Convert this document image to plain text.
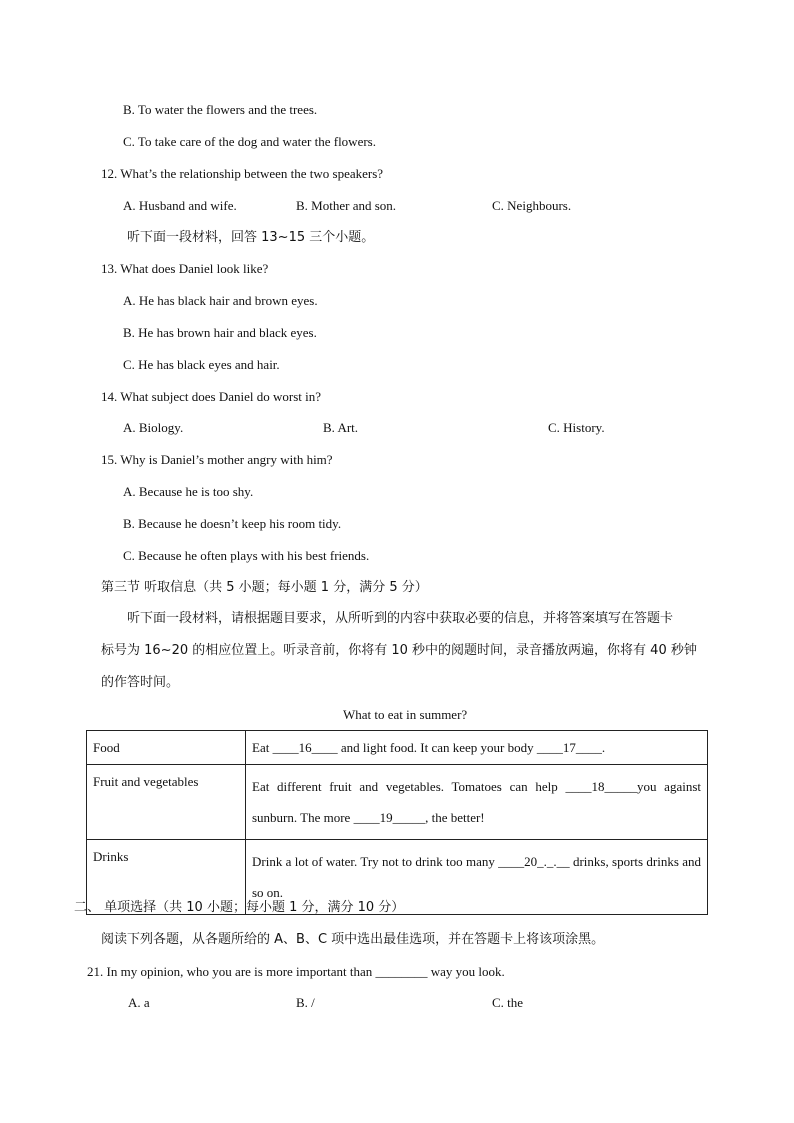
B. To water the flowers and the trees.
C. To take care of the dog and water the flowers.
12. What’s the relationship between the two speakers?
A. Husband and wife.	B. Mother and son.	C. Neighbours.
听下面一段材料，回答 13~15 三个小题。
13. What does Daniel look like?
A. He has black hair and brown eyes.
B. He has brown hair and black eyes.
C. He has black eyes and hair.
14. What subject does Daniel do worst in?
A. Biology.	B. Art.	C. History.
15. Why is Daniel’s mother angry with him?
A. Because he is too shy.
B. Because he doesn’t keep his room tidy.
C. Because he often plays with his best friends.
第三节 听取信息（共 5 小题；每小题 1 分，满分 5 分）
听下面一段材料，请根据题目要求，从所听到的内容中获取必要的信息，并将答案填写在答题卡
标号为 16~20 的相应位置上。听录音前，你将有 10 秒中的阅题时间，录音播放两遍，你将有 40 秒钟
的作答时间。
What to eat in summer?
Food	Eat ____16____ and light food. It can keep your body ____17____.
Fruit and vegetables	Eat different fruit and vegetables. Tomatoes can help ____18_____you against sunburn. The more ____19_____, the better!
Drinks	Drink a lot of water. Try not to drink too many ____20_._.__ drinks, sports drinks and so on.
二、 单项选择（共 10 小题；每小题 1 分，满分 10 分）
阅读下列各题，从各题所给的 A、B、C 项中选出最佳选项，并在答题卡上将该项涂黑。
21. In my opinion, who you are is more important than ________ way you look.
A. a	B. /	C. the
